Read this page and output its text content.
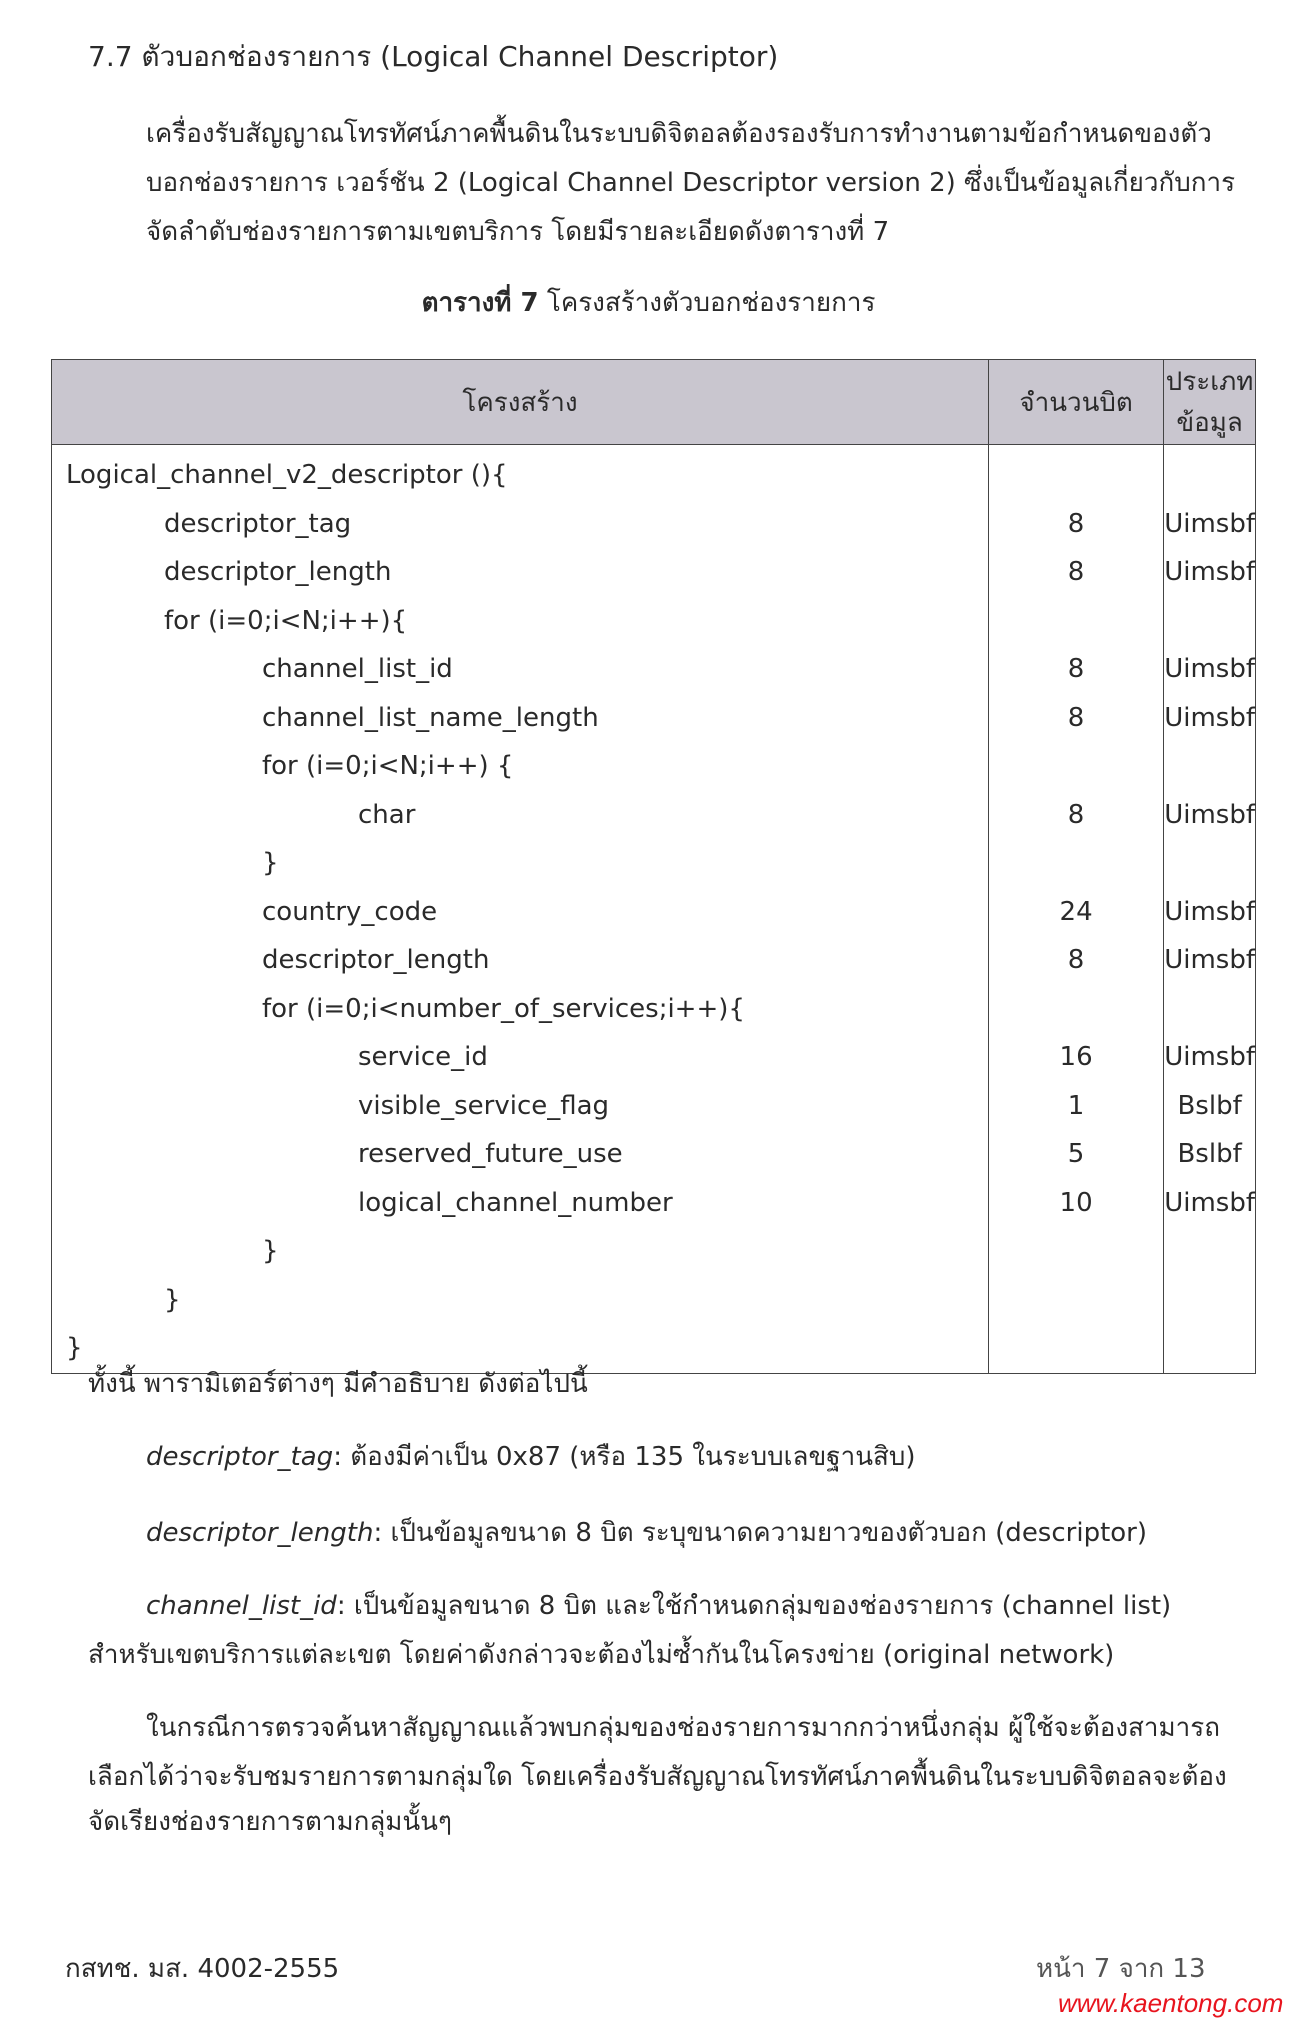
7.7 ตัวบอกช่องรายการ (Logical Channel Descriptor)
เครื่องรับสัญญาณโทรทัศน์ภาคพื้นดินในระบบดิจิตอลต้องรองรับการทำงานตามข้อกำหนดของตัว
บอกช่องรายการ เวอร์ชัน 2 (Logical Channel Descriptor version 2) ซึ่งเป็นข้อมูลเกี่ยวกับการ
จัดลำดับช่องรายการตามเขตบริการ โดยมีรายละเอียดดังตารางที่ 7
ตารางที่ 7 โครงสร้างตัวบอกช่องรายการ
โครงสร้าง	จำนวนบิต	ประเภทข้อมูล
Logical_channel_v2_descriptor (){		
descriptor_tag	8	Uimsbf
descriptor_length	8	Uimsbf
for (i=0;i<N;i++){		
channel_list_id	8	Uimsbf
channel_list_name_length	8	Uimsbf
for (i=0;i<N;i++) {		
char	8	Uimsbf
}		
country_code	24	Uimsbf
descriptor_length	8	Uimsbf
for (i=0;i<number_of_services;i++){		
service_id	16	Uimsbf
visible_service_flag	1	Bslbf
reserved_future_use	5	Bslbf
logical_channel_number	10	Uimsbf
}		
}		
}		
ทั้งนี้ พารามิเตอร์ต่างๆ มีคำอธิบาย ดังต่อไปนี้
descriptor_tag: ต้องมีค่าเป็น 0x87 (หรือ 135 ในระบบเลขฐานสิบ)
descriptor_length: เป็นข้อมูลขนาด 8 บิต ระบุขนาดความยาวของตัวบอก (descriptor)
channel_list_id: เป็นข้อมูลขนาด 8 บิต และใช้กำหนดกลุ่มของช่องรายการ (channel list)
สำหรับเขตบริการแต่ละเขต โดยค่าดังกล่าวจะต้องไม่ซ้ำกันในโครงข่าย (original network)
ในกรณีการตรวจค้นหาสัญญาณแล้วพบกลุ่มของช่องรายการมากกว่าหนึ่งกลุ่ม ผู้ใช้จะต้องสามารถ
เลือกได้ว่าจะรับชมรายการตามกลุ่มใด โดยเครื่องรับสัญญาณโทรทัศน์ภาคพื้นดินในระบบดิจิตอลจะต้อง
จัดเรียงช่องรายการตามกลุ่มนั้นๆ
กสทช. มส. 4002-2555	หน้า 7 จาก 13
www.kaentong.com
